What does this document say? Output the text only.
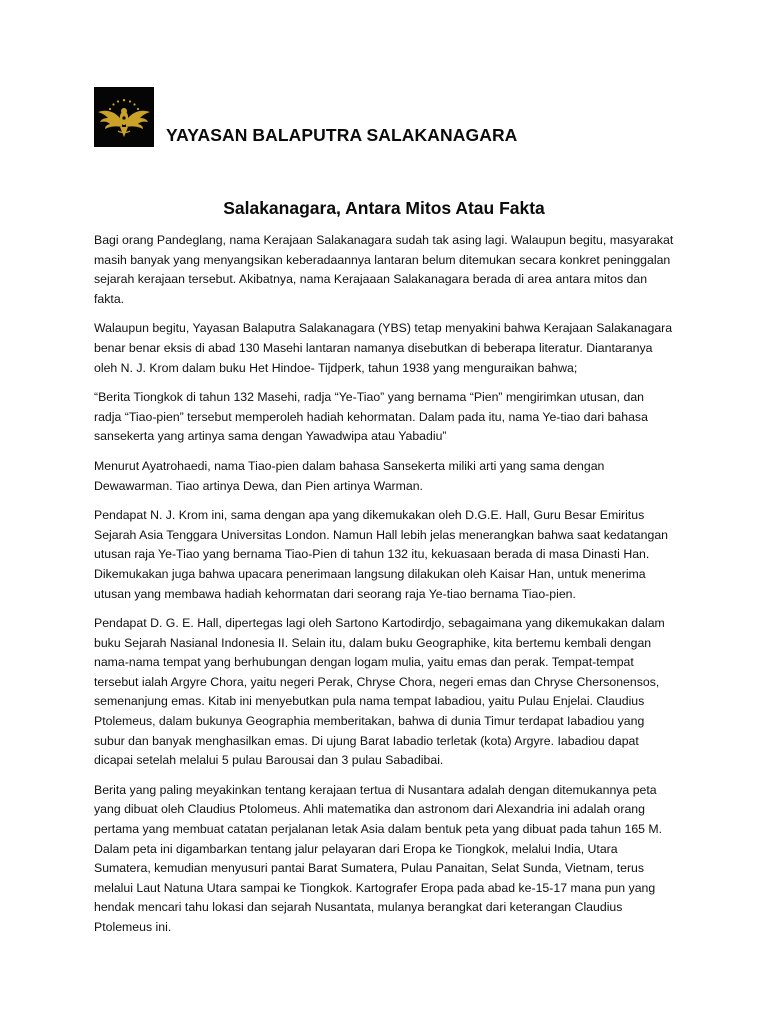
YAYASAN BALAPUTRA SALAKANAGARA
Salakanagara, Antara Mitos Atau Fakta

Bagi orang Pandeglang, nama Kerajaan Salakanagara sudah tak asing lagi. Walaupun begitu, masyarakat masih banyak yang menyangsikan keberadaannya lantaran belum ditemukan secara konkret peninggalan sejarah kerajaan tersebut. Akibatnya, nama Kerajaaan Salakanagara berada di area antara mitos dan fakta.

Walaupun begitu, Yayasan Balaputra Salakanagara (YBS) tetap menyakini bahwa Kerajaan Salakanagara benar benar eksis di abad 130 Masehi lantaran namanya disebutkan di beberapa literatur. Diantaranya oleh N. J. Krom dalam buku Het Hindoe- Tijdperk, tahun 1938 yang menguraikan bahwa;

“Berita Tiongkok di tahun 132 Masehi, radja “Ye-Tiao” yang bernama “Pien” mengirimkan utusan, dan radja “Tiao-pien” tersebut memperoleh hadiah kehormatan. Dalam pada itu, nama Ye-tiao dari bahasa sansekerta yang artinya sama dengan Yawadwipa atau Yabadiu”

Menurut Ayatrohaedi, nama Tiao-pien dalam bahasa Sansekerta miliki arti yang sama dengan Dewawarman. Tiao artinya Dewa, dan Pien artinya Warman.

Pendapat N. J. Krom ini, sama dengan apa yang dikemukakan oleh D.G.E. Hall, Guru Besar Emiritus Sejarah Asia Tenggara Universitas London. Namun Hall lebih jelas menerangkan bahwa saat kedatangan utusan raja Ye-Tiao yang bernama Tiao-Pien di tahun 132 itu, kekuasaan berada di masa Dinasti Han. Dikemukakan juga bahwa upacara penerimaan langsung dilakukan oleh Kaisar Han, untuk menerima utusan yang membawa hadiah kehormatan dari seorang raja Ye-tiao bernama Tiao-pien.

Pendapat D. G. E. Hall, dipertegas lagi oleh Sartono Kartodirdjo, sebagaimana yang dikemukakan dalam buku Sejarah Nasianal Indonesia II. Selain itu, dalam buku Geographike, kita bertemu kembali dengan nama-nama tempat yang berhubungan dengan logam mulia, yaitu emas dan perak. Tempat-tempat tersebut ialah Argyre Chora, yaitu negeri Perak, Chryse Chora, negeri emas dan Chryse Chersonensos, semenanjung emas. Kitab ini menyebutkan pula nama tempat Iabadiou, yaitu Pulau Enjelai. Claudius Ptolemeus, dalam bukunya Geographia memberitakan, bahwa di dunia Timur terdapat Iabadiou yang subur dan banyak menghasilkan emas. Di ujung Barat Iabadio terletak (kota) Argyre. Iabadiou dapat dicapai setelah melalui 5 pulau Barousai dan 3 pulau Sabadibai.

Berita yang paling meyakinkan tentang kerajaan tertua di Nusantara adalah dengan ditemukannya peta yang dibuat oleh Claudius Ptolomeus. Ahli matematika dan astronom dari Alexandria ini adalah orang pertama yang membuat catatan perjalanan letak Asia dalam bentuk peta yang dibuat pada tahun 165 M. Dalam peta ini digambarkan tentang jalur pelayaran dari Eropa ke Tiongkok, melalui India, Utara Sumatera, kemudian menyusuri pantai Barat Sumatera, Pulau Panaitan, Selat Sunda, Vietnam, terus melalui Laut Natuna Utara sampai ke Tiongkok. Kartografer Eropa pada abad ke-15-17 mana pun yang hendak mencari tahu lokasi dan sejarah Nusantata, mulanya berangkat dari keterangan Claudius Ptolemeus ini.
